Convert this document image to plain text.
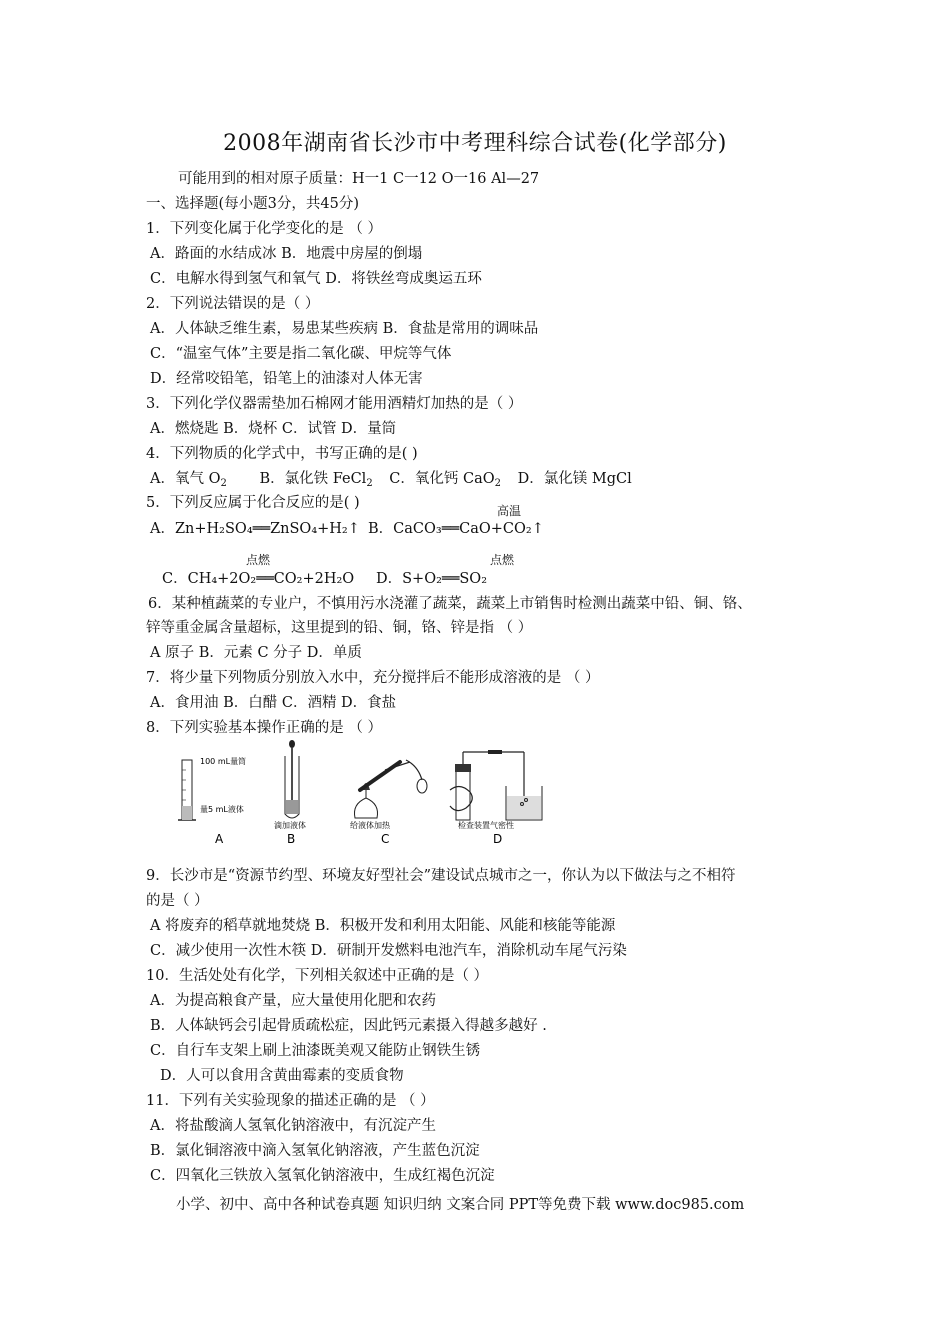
2008年湖南省长沙市中考理科综合试卷(化学部分)
可能用到的相对原子质量：H一1 C一12 O一16 Al—27
一、选择题(每小题3分，共45分)
1．下列变化属于化学变化的是 （ ）
A．路面的水结成冰 B．地震中房屋的倒塌
C．电解水得到氢气和氧气 D．将铁丝弯成奥运五环
2．下列说法错误的是（ ）
A．人体缺乏维生素，易患某些疾病 B．食盐是常用的调味品
C．“温室气体”主要是指二氧化碳、甲烷等气体
D．经常咬铅笔，铅笔上的油漆对人体无害
3．下列化学仪器需垫加石棉网才能用酒精灯加热的是（ ）
A．燃烧匙 B．烧杯 C．试管 D．量筒
4．下列物质的化学式中，书写正确的是( )
A．氧气 $O_2$ B．氯化铁 FeCl$_2$ C．氧化钙 CaO$_2$ D．氯化镁 MgCl
5．下列反应属于化合反应的是( )	高温
A．Zn+H₂SO₄══ZnSO₄+H₂↑ B．CaCO₃══CaO+CO₂↑
点燃	点燃
C．CH₄+2O₂══CO₂+2H₂O D．S+O₂══SO₂
6．某种植蔬菜的专业户，不慎用污水浇灌了蔬菜，蔬菜上市销售时检测出蔬菜中铅、铜、铬、
锌等重金属含量超标，这里提到的铅、铜，铬、锌是指 （ ）
A 原子 B．元素 C 分子 D．单质
7．将少量下列物质分别放入水中，充分搅拌后不能形成溶液的是 （ ）
A．食用油 B．白醋 C．酒精 D．食盐
8．下列实验基本操作正确的是 （ ）
100 mL量筒
量5 mL液体
A
滴加液体
B
给液体加热
C
检查装置气密性
D
9．长沙市是“资源节约型、环境友好型社会”建设试点城市之一，你认为以下做法与之不相符
的是（ ）
A 将废弃的稻草就地焚烧 B．积极开发和利用太阳能、风能和核能等能源
C．减少使用一次性木筷 D．研制开发燃料电池汽车，消除机动车尾气污染
10．生活处处有化学，下列相关叙述中正确的是（ ）
A．为提高粮食产量，应大量使用化肥和农药
B．人体缺钙会引起骨质疏松症，因此钙元素摄入得越多越好 .
C．自行车支架上刷上油漆既美观又能防止钢铁生锈
D．人可以食用含黄曲霉素的变质食物
11．下列有关实验现象的描述正确的是 （ ）
A．将盐酸滴人氢氧化钠溶液中，有沉淀产生
B．氯化铜溶液中滴入氢氧化钠溶液，产生蓝色沉淀
C．四氧化三铁放入氢氧化钠溶液中，生成红褐色沉淀
小学、初中、高中各种试卷真题 知识归纳 文案合同 PPT等免费下载 www.doc985.com
